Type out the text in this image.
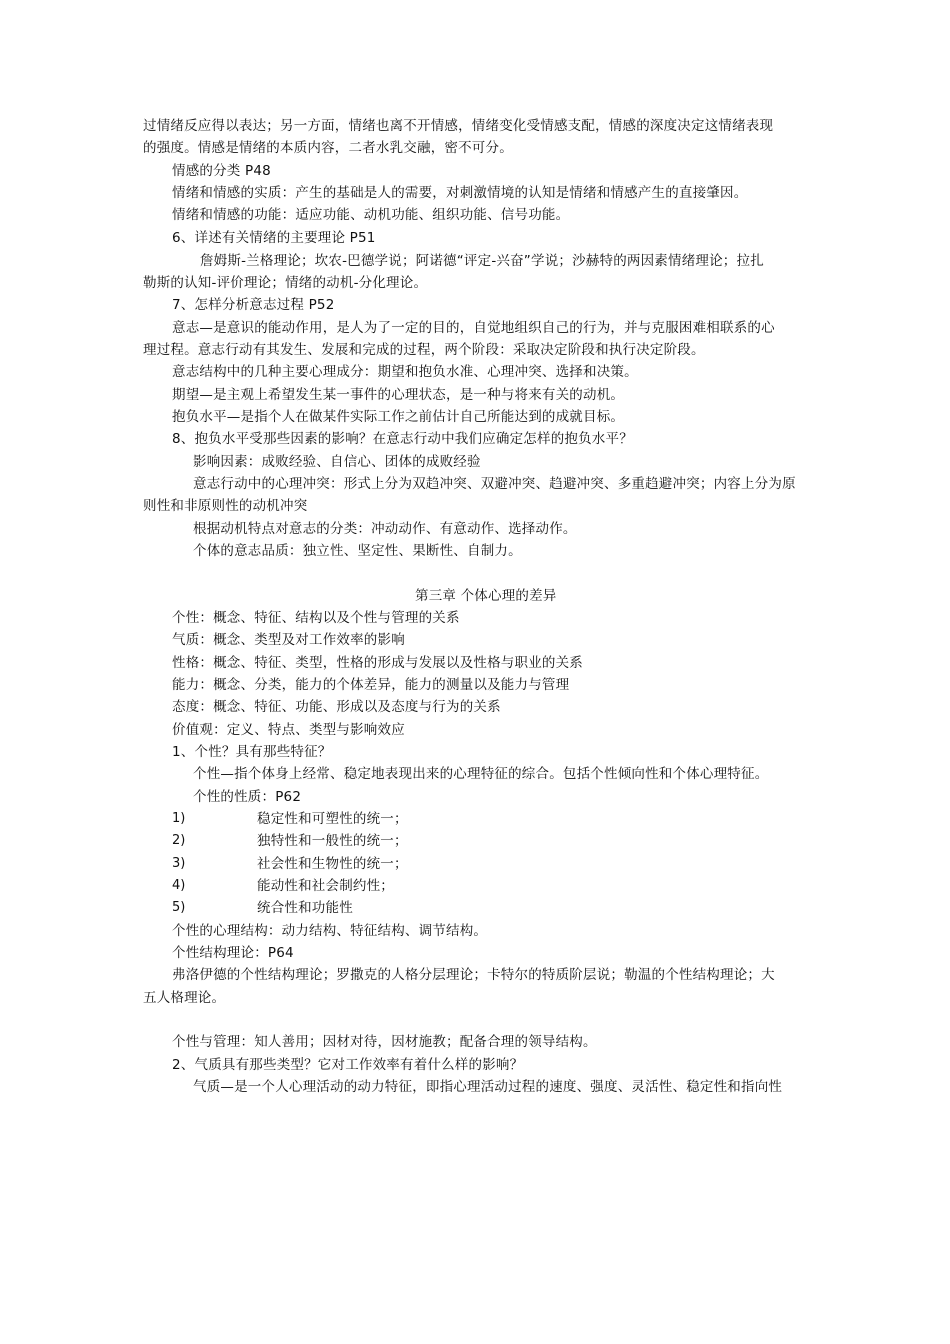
过情绪反应得以表达；另一方面，情绪也离不开情感，情绪变化受情感支配，情感的深度决定这情绪表现
的强度。情感是情绪的本质内容，二者水乳交融，密不可分。
情感的分类 P48
情绪和情感的实质：产生的基础是人的需要，对刺激情境的认知是情绪和情感产生的直接肇因。
情绪和情感的功能：适应功能、动机功能、组织功能、信号功能。
6、详述有关情绪的主要理论 P51
詹姆斯-兰格理论；坎农-巴德学说；阿诺德“评定-兴奋”学说；沙赫特的两因素情绪理论；拉扎
勒斯的认知-评价理论；情绪的动机-分化理论。
7、怎样分析意志过程 P52
意志—是意识的能动作用，是人为了一定的目的，自觉地组织自己的行为，并与克服困难相联系的心
理过程。意志行动有其发生、发展和完成的过程，两个阶段：采取决定阶段和执行决定阶段。
意志结构中的几种主要心理成分：期望和抱负水准、心理冲突、选择和决策。
期望—是主观上希望发生某一事件的心理状态，是一种与将来有关的动机。
抱负水平—是指个人在做某件实际工作之前估计自己所能达到的成就目标。
8、抱负水平受那些因素的影响？在意志行动中我们应确定怎样的抱负水平？
影响因素：成败经验、自信心、团体的成败经验
意志行动中的心理冲突：形式上分为双趋冲突、双避冲突、趋避冲突、多重趋避冲突；内容上分为原
则性和非原则性的动机冲突
根据动机特点对意志的分类：冲动动作、有意动作、选择动作。
个体的意志品质：独立性、坚定性、果断性、自制力。
第三章 个体心理的差异
个性：概念、特征、结构以及个性与管理的关系
气质：概念、类型及对工作效率的影响
性格：概念、特征、类型，性格的形成与发展以及性格与职业的关系
能力：概念、分类，能力的个体差异，能力的测量以及能力与管理
态度：概念、特征、功能、形成以及态度与行为的关系
价值观：定义、特点、类型与影响效应
1、个性？具有那些特征？
个性—指个体身上经常、稳定地表现出来的心理特征的综合。包括个性倾向性和个体心理特征。
个性的性质：P62
1)	稳定性和可塑性的统一；
2)	独特性和一般性的统一；
3)	社会性和生物性的统一；
4)	能动性和社会制约性；
5)	统合性和功能性
个性的心理结构：动力结构、特征结构、调节结构。
个性结构理论：P64
弗洛伊德的个性结构理论；罗撒克的人格分层理论；卡特尔的特质阶层说；勒温的个性结构理论；大
五人格理论。
个性与管理：知人善用；因材对待，因材施教；配备合理的领导结构。
2、气质具有那些类型？它对工作效率有着什么样的影响？
气质—是一个人心理活动的动力特征，即指心理活动过程的速度、强度、灵活性、稳定性和指向性
